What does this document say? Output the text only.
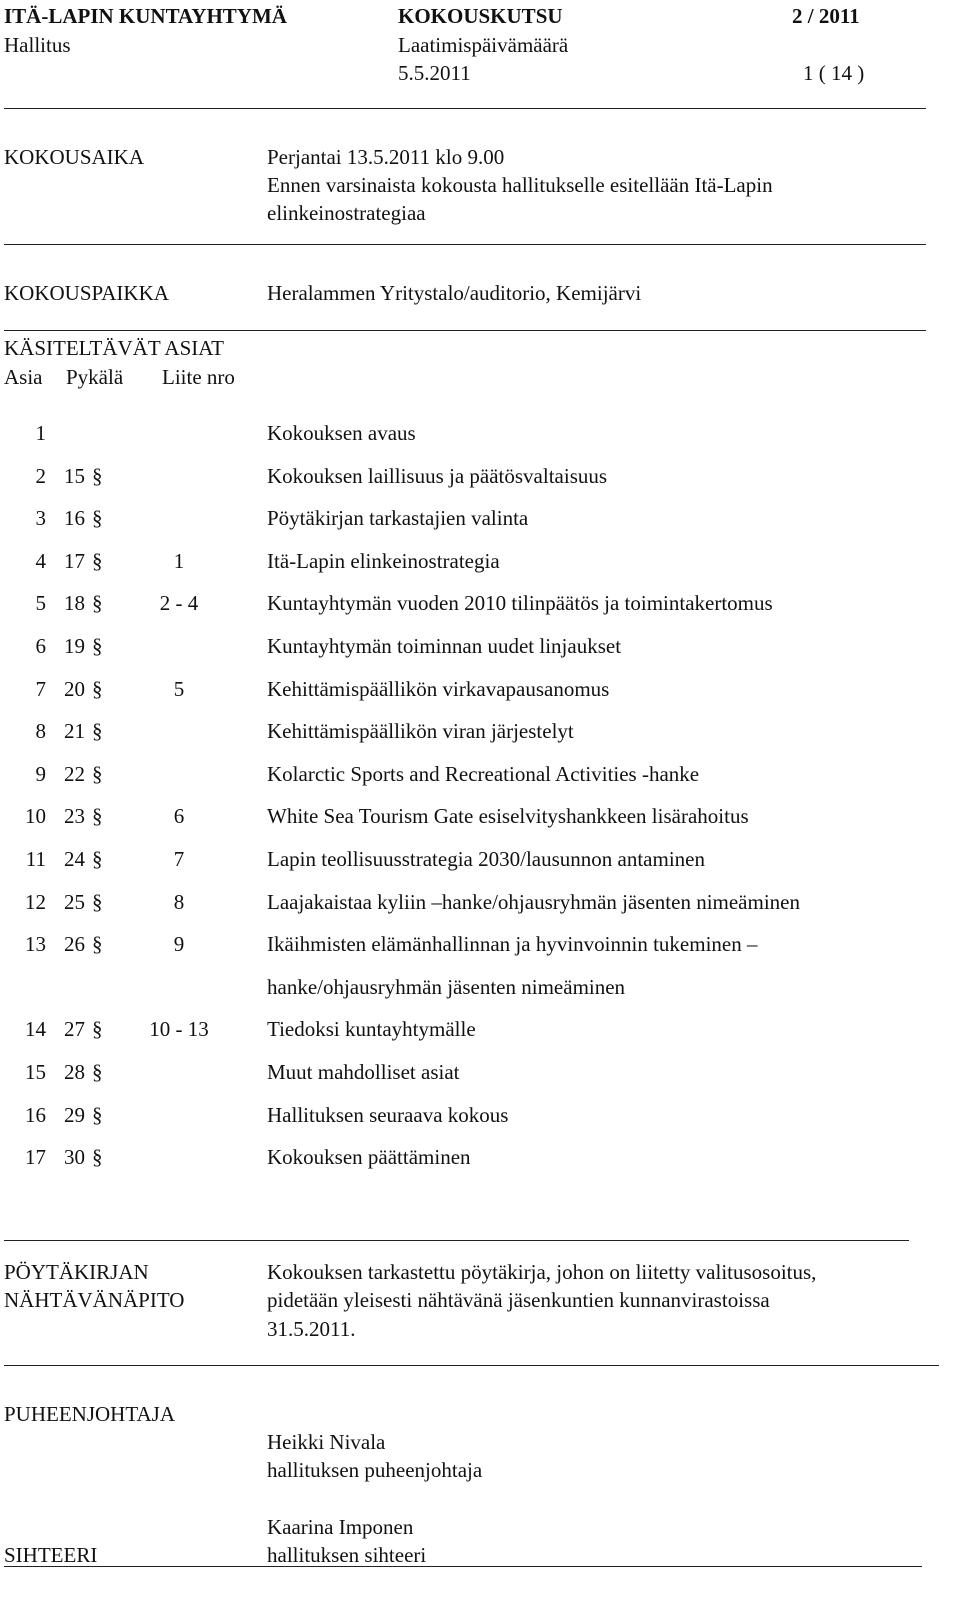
ITÄ-LAPIN KUNTAYHTYMÄ	KOKOUSKUTSU	2 / 2011
Hallitus	Laatimispäivämäärä
5.5.2011	1 ( 14 )
KOKOUSAIKA	Perjantai 13.5.2011 klo 9.00
Ennen varsinaista kokousta hallitukselle esitellään Itä-Lapin
elinkeinostrategiaa
KOKOUSPAIKKA	Heralammen Yritystalo/auditorio, Kemijärvi
KÄSITELTÄVÄT ASIAT
Asia Pykälä Liite nro
1	Kokouksen avaus
2 15 §	Kokouksen laillisuus ja päätösvaltaisuus
3 16 §	Pöytäkirjan tarkastajien valinta
4 17 §	1	Itä-Lapin elinkeinostrategia
5 18 §	2 - 4	Kuntayhtymän vuoden 2010 tilinpäätös ja toimintakertomus
6 19 §	Kuntayhtymän toiminnan uudet linjaukset
7 20 §	5	Kehittämispäällikön virkavapausanomus
8 21 §	Kehittämispäällikön viran järjestelyt
9 22 §	Kolarctic Sports and Recreational Activities -hanke
10 23 §	6	White Sea Tourism Gate esiselvityshankkeen lisärahoitus
11 24 §	7	Lapin teollisuusstrategia 2030/lausunnon antaminen
12 25 §	8	Laajakaistaa kyliin –hanke/ohjausryhmän jäsenten nimeäminen
13 26 §	9	Ikäihmisten elämänhallinnan ja hyvinvoinnin tukeminen –
hanke/ohjausryhmän jäsenten nimeäminen
14 27 §	10 - 13	Tiedoksi kuntayhtymälle
15 28 §	Muut mahdolliset asiat
16 29 §	Hallituksen seuraava kokous
17 30 §	Kokouksen päättäminen
PÖYTÄKIRJAN
NÄHTÄVÄNÄPITO
Kokouksen tarkastettu pöytäkirja, johon on liitetty valitusosoitus,
pidetään yleisesti nähtävänä jäsenkuntien kunnanvirastoissa
31.5.2011.
PUHEENJOHTAJA
Heikki Nivala
hallituksen puheenjohtaja
SIHTEERI
Kaarina Imponen
hallituksen sihteeri
